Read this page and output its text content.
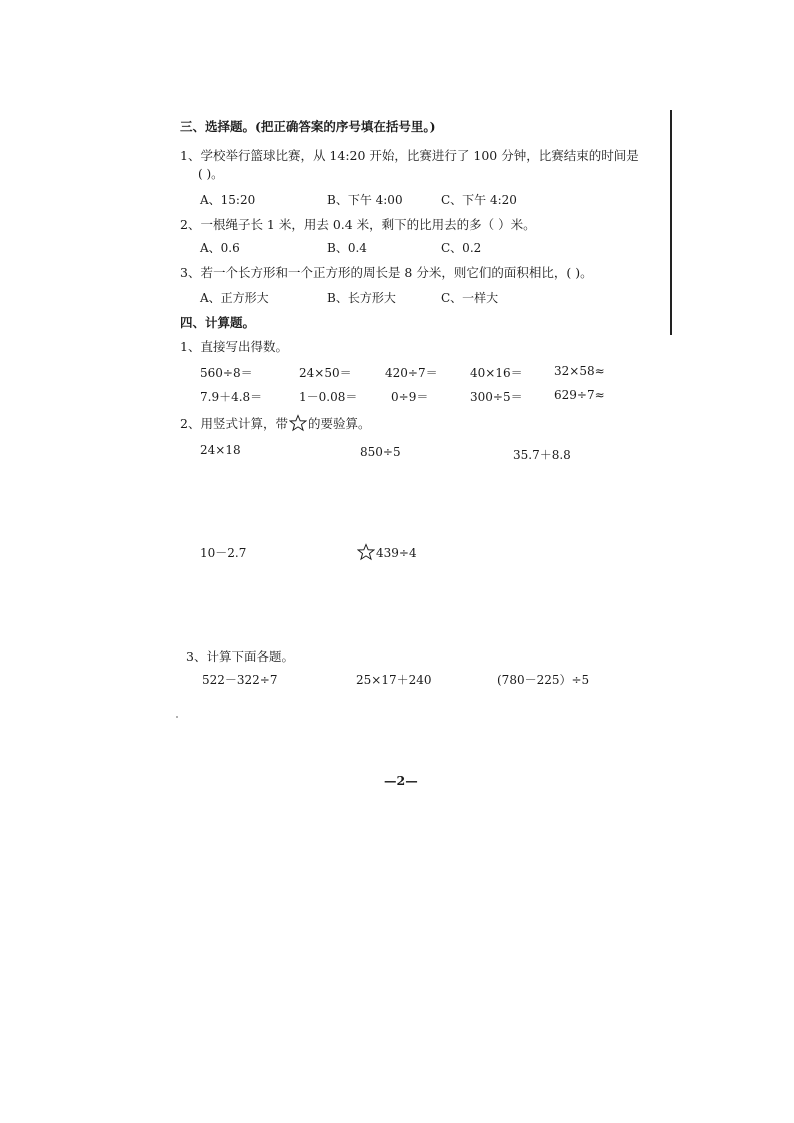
三、选择题。(把正确答案的序号填在括号里。)
1、学校举行篮球比赛，从 14:20 开始，比赛进行了 100 分钟，比赛结束的时间是
( )。
A、15:20	B、下午 4:00	C、下午 4:20
2、一根绳子长 1 米，用去 0.4 米，剩下的比用去的多（ ）米。
A、0.6	B、0.4	C、0.2
3、若一个长方形和一个正方形的周长是 8 分米，则它们的面积相比，( )。
A、正方形大	B、长方形大	C、一样大
四、计算题。
1、直接写出得数。
560÷8＝	24×50＝	420÷7＝	40×16＝	32×58≈
7.9＋4.8＝	1－0.08＝	0÷9＝	300÷5＝	629÷7≈
2、用竖式计算，带 的要验算。
24×18	850÷5	35.7＋8.8
10－2.7	439÷4
3、计算下面各题。
522－322÷7	25×17＋240	(780－225）÷5
—2—
